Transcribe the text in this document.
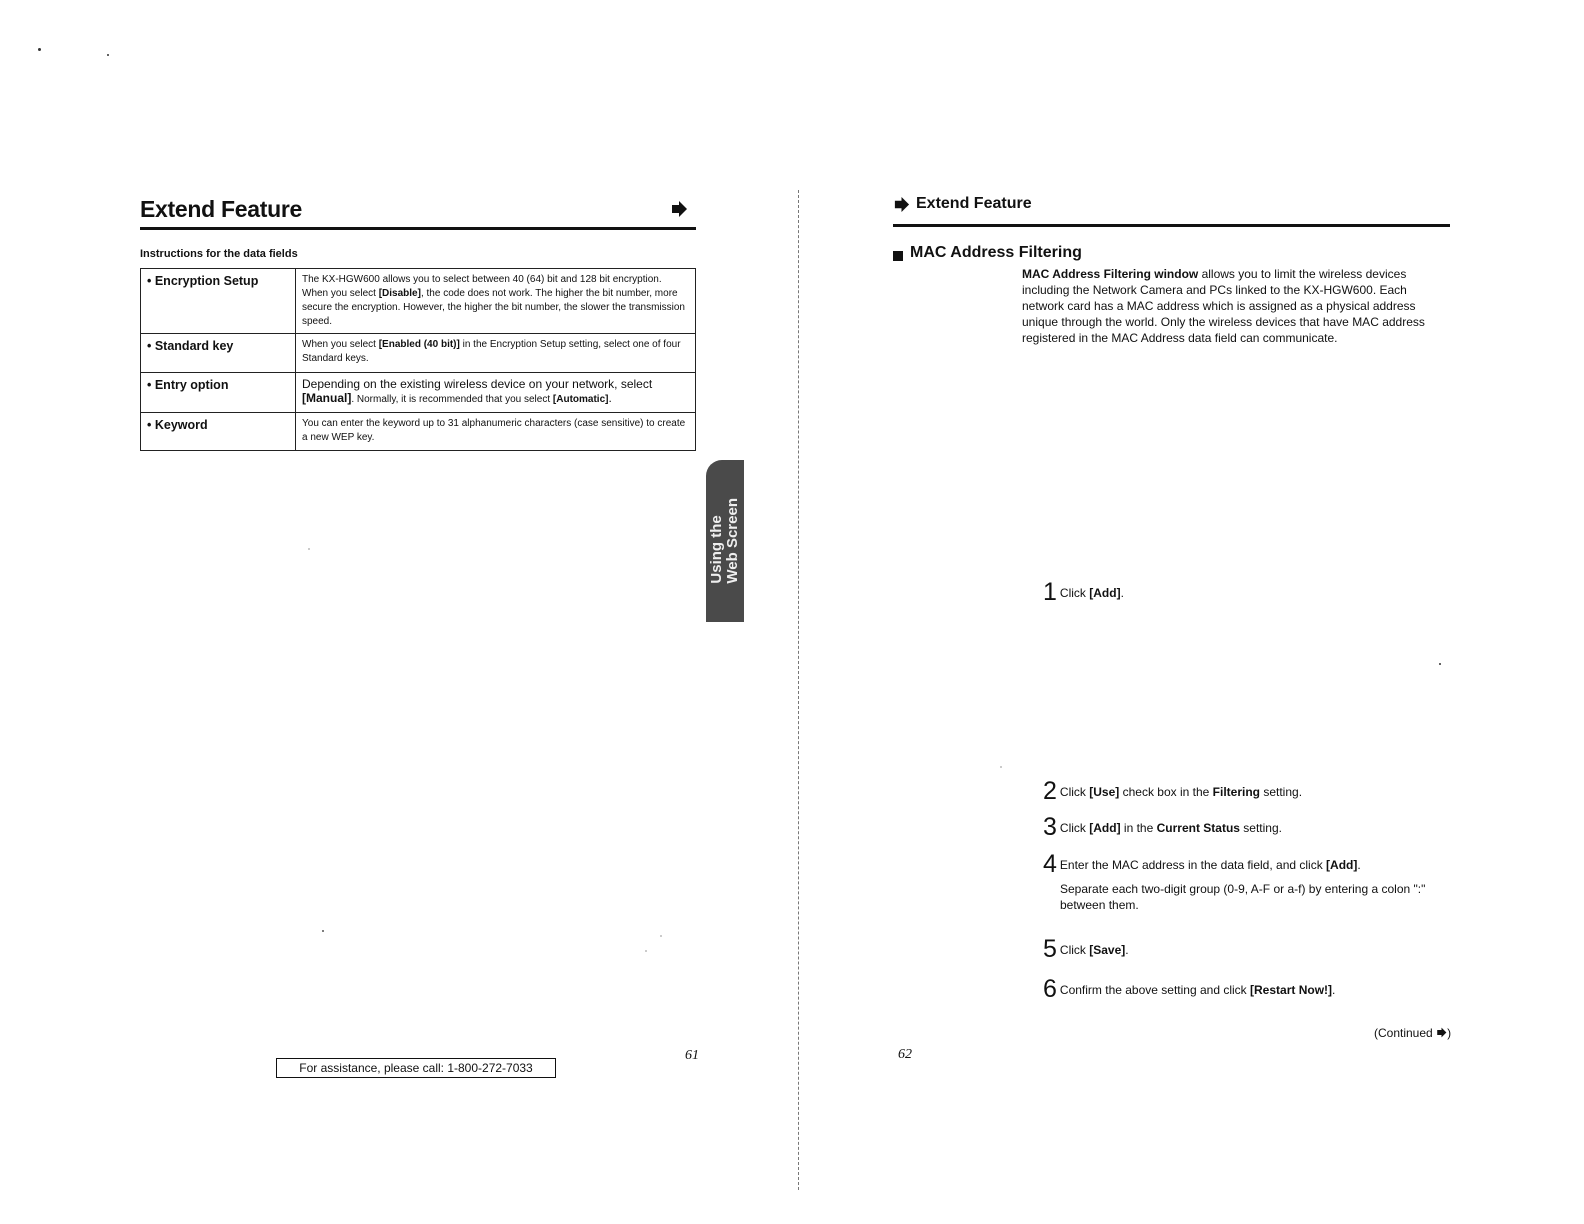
Extend Feature
Instructions for the data fields
• Encryption Setup	The KX-HGW600 allows you to select between 40 (64) bit and 128 bit encryption. When you select [Disable], the code does not work. The higher the bit number, more secure the encryption. However, the higher the bit number, the slower the transmission speed.
• Standard key	When you select [Enabled (40 bit)] in the Encryption Setup setting, select one of four Standard keys.
• Entry option	Depending on the existing wireless device on your network, select [Manual]. Normally, it is recommended that you select [Automatic].
• Keyword	You can enter the keyword up to 31 alphanumeric characters (case sensitive) to create a new WEP key.
Using the
Web Screen
For assistance, please call: 1-800-272-7033
61
Extend Feature
MAC Address Filtering
MAC Address Filtering window allows you to limit the wireless devices including the Network Camera and PCs linked to the KX-HGW600. Each network card has a MAC address which is assigned as a physical address unique through the world. Only the wireless devices that have MAC address registered in the MAC Address data field can communicate.
1 Click [Add].
2 Click [Use] check box in the Filtering setting.
3 Click [Add] in the Current Status setting.
4 Enter the MAC address in the data field, and click [Add].
Separate each two-digit group (0-9, A-F or a-f) by entering a colon ":" between them.
5 Click [Save].
6 Confirm the above setting and click [Restart Now!].
(Continued )
62
